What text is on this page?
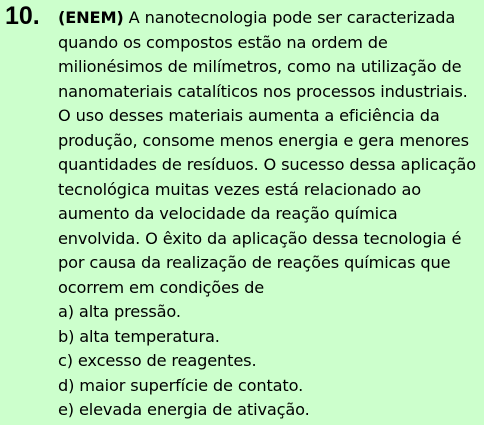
10. (ENEM) A nanotecnologia pode ser caracterizada
quando os compostos estão na ordem de
milionésimos de milímetros, como na utilização de
nanomateriais catalíticos nos processos industriais.
O uso desses materiais aumenta a eficiência da
produção, consome menos energia e gera menores
quantidades de resíduos. O sucesso dessa aplicação
tecnológica muitas vezes está relacionado ao
aumento da velocidade da reação química
envolvida. O êxito da aplicação dessa tecnologia é
por causa da realização de reações químicas que
ocorrem em condições de
a) alta pressão.
b) alta temperatura.
c) excesso de reagentes.
d) maior superfície de contato.
e) elevada energia de ativação.
